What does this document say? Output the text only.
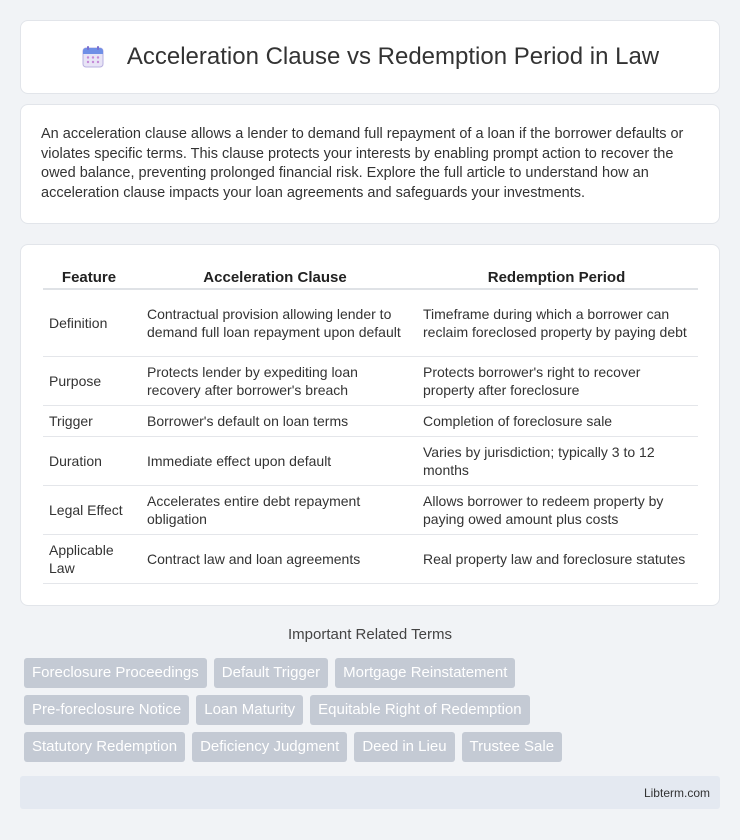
Acceleration Clause vs Redemption Period in Law

An acceleration clause allows a lender to demand full repayment of a loan if the borrower defaults or violates specific terms. This clause protects your interests by enabling prompt action to recover the owed balance, preventing prolonged financial risk. Explore the full article to understand how an acceleration clause impacts your loan agreements and safeguards your investments.

Feature	Acceleration Clause	Redemption Period
Definition	Contractual provision allowing lender to demand full loan repayment upon default	Timeframe during which a borrower can reclaim foreclosed property by paying debt
Purpose	Protects lender by expediting loan recovery after borrower's breach	Protects borrower's right to recover property after foreclosure
Trigger	Borrower's default on loan terms	Completion of foreclosure sale
Duration	Immediate effect upon default	Varies by jurisdiction; typically 3 to 12 months
Legal Effect	Accelerates entire debt repayment obligation	Allows borrower to redeem property by paying owed amount plus costs
Applicable Law	Contract law and loan agreements	Real property law and foreclosure statutes
Important Related Terms
Foreclosure Proceedings	Default Trigger	Mortgage Reinstatement
Pre-foreclosure Notice	Loan Maturity	Equitable Right of Redemption
Statutory Redemption	Deficiency Judgment	Deed in Lieu	Trustee Sale
Libterm.com
